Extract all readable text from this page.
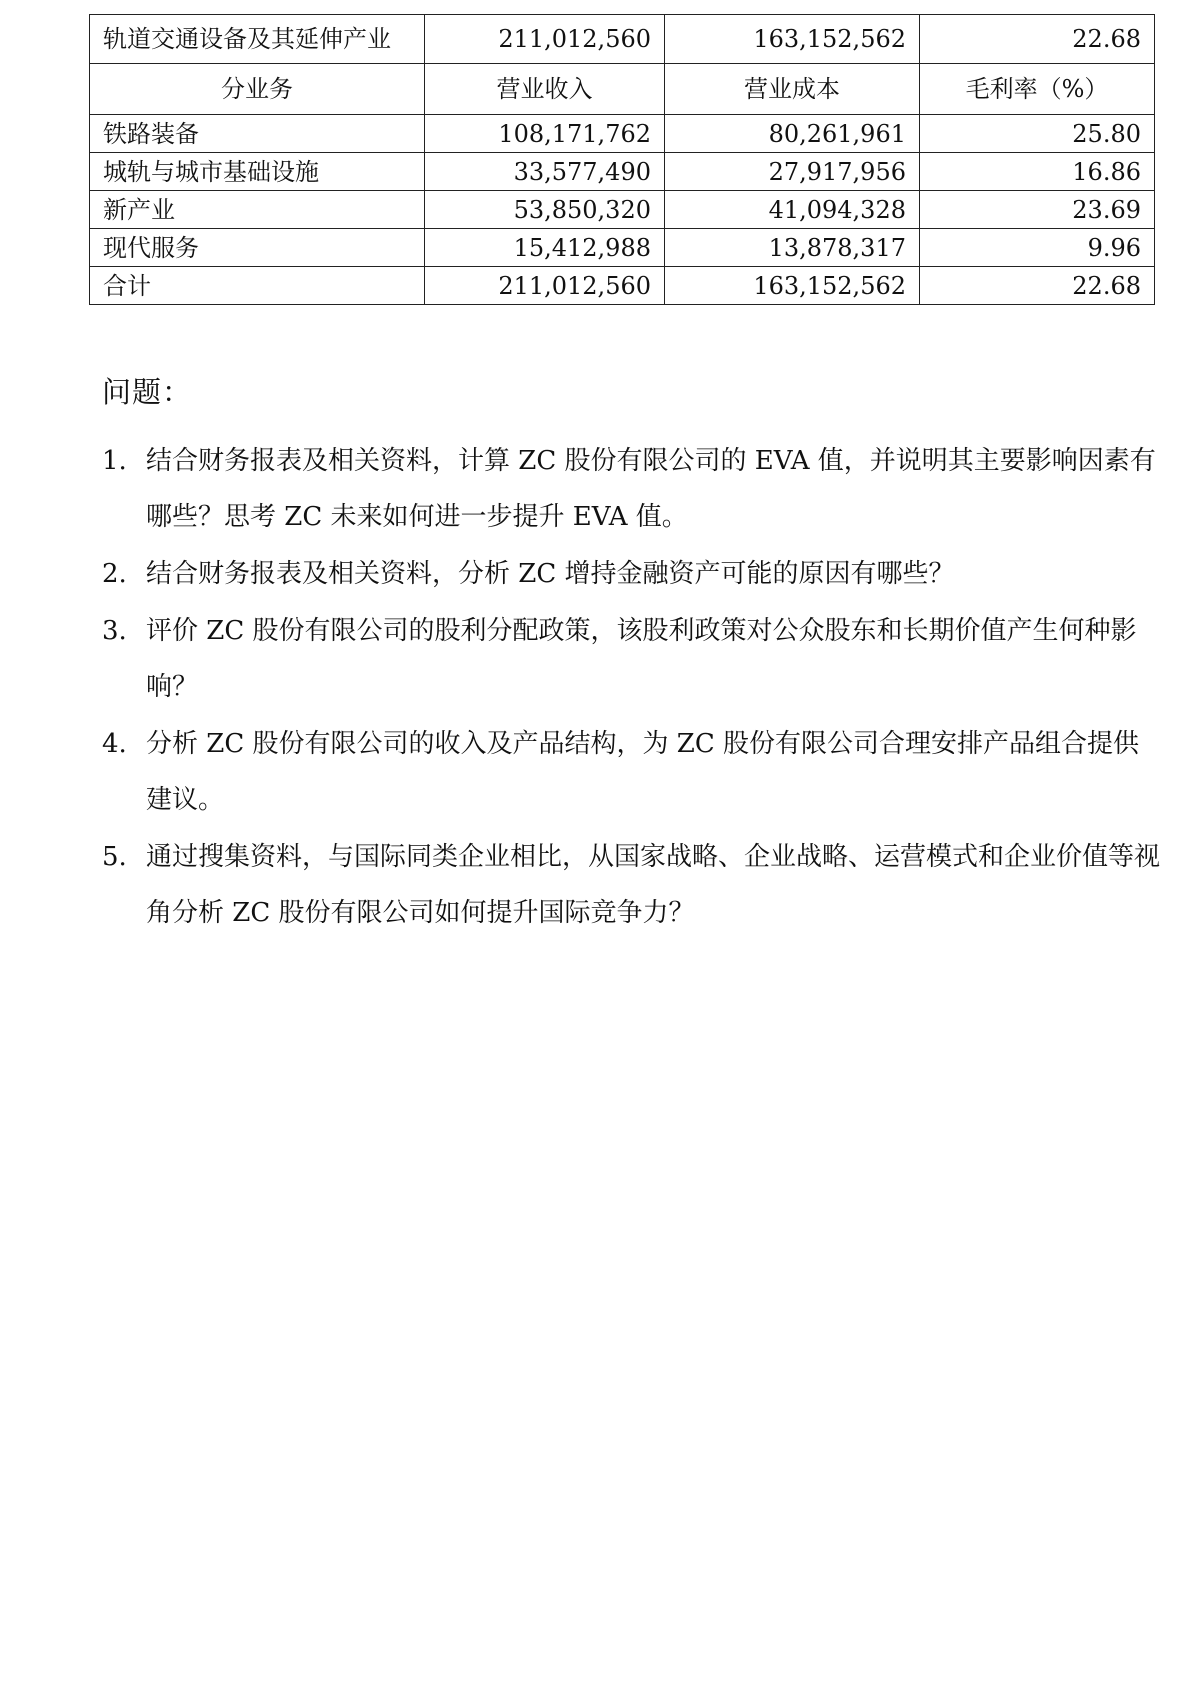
轨道交通设备及其延伸产业	211,012,560	163,152,562	22.68
分业务	营业收入	营业成本	毛利率（%）
铁路装备	108,171,762	80,261,961	25.80
城轨与城市基础设施	33,577,490	27,917,956	16.86
新产业	53,850,320	41,094,328	23.69
现代服务	15,412,988	13,878,317	9.96
合计	211,012,560	163,152,562	22.68
问题：
1. 结合财务报表及相关资料，计算 ZC 股份有限公司的 EVA 值，并说明其主要影响因素有哪些？思考 ZC 未来如何进一步提升 EVA 值。
2. 结合财务报表及相关资料，分析 ZC 增持金融资产可能的原因有哪些？
3. 评价 ZC 股份有限公司的股利分配政策，该股利政策对公众股东和长期价值产生何种影响？
4. 分析 ZC 股份有限公司的收入及产品结构，为 ZC 股份有限公司合理安排产品组合提供建议。
5. 通过搜集资料，与国际同类企业相比，从国家战略、企业战略、运营模式和企业价值等视角分析 ZC 股份有限公司如何提升国际竞争力？
